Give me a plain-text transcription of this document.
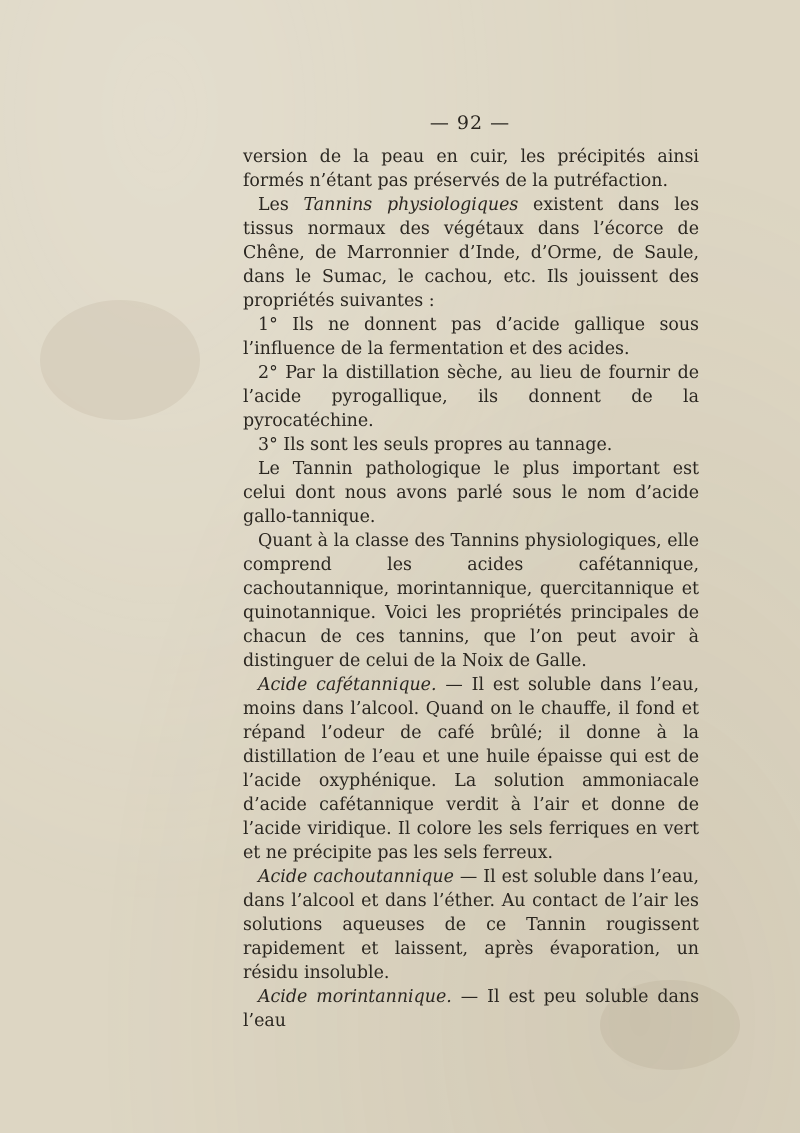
— 92 —

version de la peau en cuir, les précipités ainsi formés n’étant pas préservés de la putréfaction.

Les Tannins physiologiques existent dans les tissus normaux des végétaux dans l’écorce de Chêne, de Marronnier d’Inde, d’Orme, de Saule, dans le Sumac, le cachou, etc. Ils jouissent des propriétés suivantes :

1° Ils ne donnent pas d’acide gallique sous l’influence de la fermentation et des acides.

2° Par la distillation sèche, au lieu de fournir de l’acide pyrogallique, ils donnent de la pyrocatéchine.

3° Ils sont les seuls propres au tannage.

Le Tannin pathologique le plus important est celui dont nous avons parlé sous le nom d’acide gallo-tannique.

Quant à la classe des Tannins physiologiques, elle comprend les acides cafétannique, cachoutannique, morintannique, quercitannique et quinotannique. Voici les propriétés principales de chacun de ces tannins, que l’on peut avoir à distinguer de celui de la Noix de Galle.

Acide cafétannique. — Il est soluble dans l’eau, moins dans l’alcool. Quand on le chauffe, il fond et répand l’odeur de café brûlé; il donne à la distillation de l’eau et une huile épaisse qui est de l’acide oxyphénique. La solution ammoniacale d’acide cafétannique verdit à l’air et donne de l’acide viridique. Il colore les sels ferriques en vert et ne précipite pas les sels ferreux.

Acide cachoutannique — Il est soluble dans l’eau, dans l’alcool et dans l’éther. Au contact de l’air les solutions aqueuses de ce Tannin rougissent rapidement et laissent, après évaporation, un résidu insoluble.

Acide morintannique. — Il est peu soluble dans l’eau
